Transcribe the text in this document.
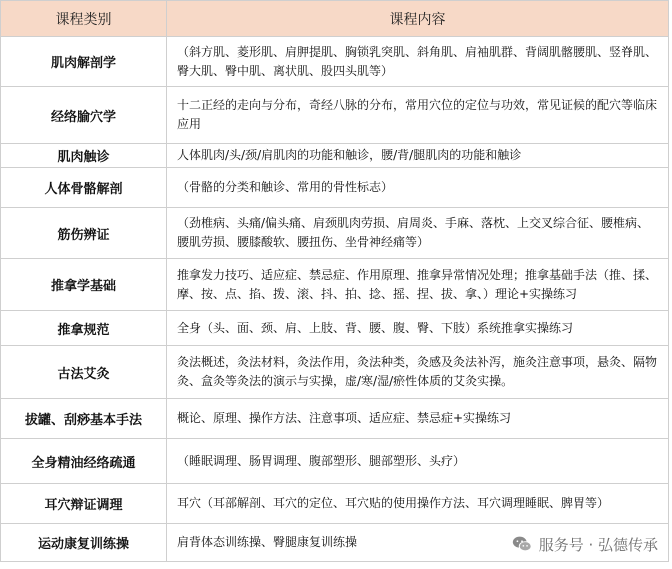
课程类别	课程内容
肌肉解剖学	（斜方肌、菱形肌、肩胛提肌、胸锁乳突肌、斜角肌、肩袖肌群、背阔肌髂腰肌、竖脊肌、臀大肌、臀中肌、离状肌、股四头肌等）
经络腧穴学	十二正经的走向与分布，奇经八脉的分布，常用穴位的定位与功效，常见证候的配穴等临床应用
肌肉触诊	人体肌肉/头/颈/肩肌肉的功能和触诊，腰/背/腿肌肉的功能和触诊
人体骨骼解剖	（骨骼的分类和触诊、常用的骨性标志）
筋伤辨证	（劲椎病、头痛/偏头痛、肩颈肌肉劳损、肩周炎、手麻、落枕、上交叉综合征、腰椎病、腰肌劳损、腰膝酸软、腰扭伤、坐骨神经痛等）
推拿学基础	推拿发力技巧、适应症、禁忌症、作用原理、推拿异常情况处理；推拿基础手法（推、揉、摩、按、点、掐、拨、滚、抖、拍、捻、摇、捏、拔、拿、）理论+实操练习
推拿规范	全身（头、面、颈、肩、上肢、背、腰、腹、臀、下肢）系统推拿实操练习
古法艾灸	灸法概述，灸法材料，灸法作用，灸法种类，灸感及灸法补泻，施灸注意事项，悬灸、隔物灸、盒灸等灸法的演示与实操，虚/寒/湿/瘀性体质的艾灸实操。
拔罐、刮痧基本手法	概论、原理、操作方法、注意事项、适应症、禁忌症+实操练习
全身精油经络疏通	（睡眠调理、肠胃调理、腹部塑形、腿部塑形、头疗）
耳穴辩证调理	耳穴（耳部解剖、耳穴的定位、耳穴贴的使用操作方法、耳穴调理睡眠、脾胃等）
运动康复训练操	肩背体态训练操、臀腿康复训练操	服务号 · 弘德传承
